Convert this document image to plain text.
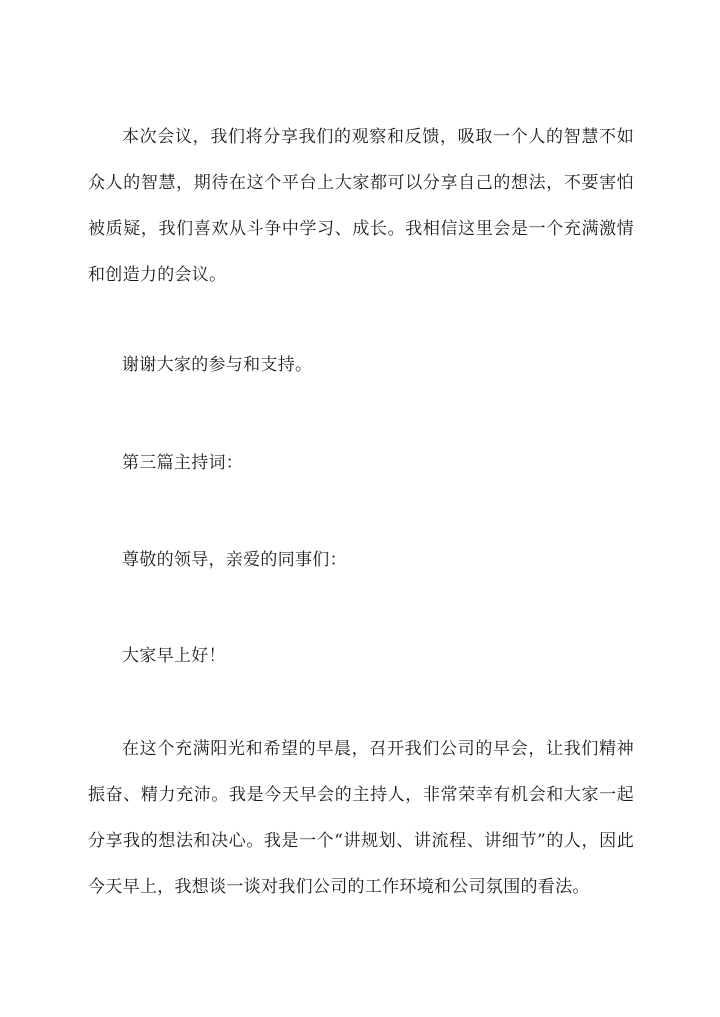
本次会议，我们将分享我们的观察和反馈，吸取一个人的智慧不如众人的智慧，期待在这个平台上大家都可以分享自己的想法，不要害怕被质疑，我们喜欢从斗争中学习、成长。我相信这里会是一个充满激情和创造力的会议。

谢谢大家的参与和支持。

第三篇主持词：

尊敬的领导，亲爱的同事们：

大家早上好！

在这个充满阳光和希望的早晨，召开我们公司的早会，让我们精神振奋、精力充沛。我是今天早会的主持人，非常荣幸有机会和大家一起分享我的想法和决心。我是一个“讲规划、讲流程、讲细节”的人，因此今天早上，我想谈一谈对我们公司的工作环境和公司氛围的看法。
